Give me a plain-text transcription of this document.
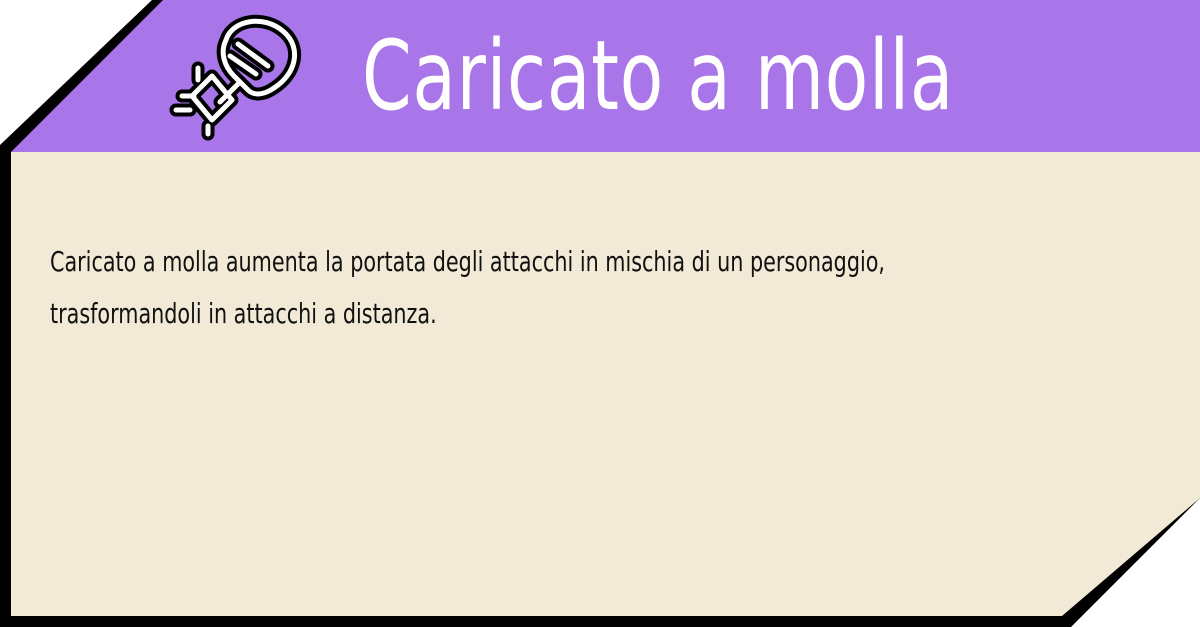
Caricato a molla
Caricato a molla aumenta la portata degli attacchi in mischia di un personaggio, trasformandoli in attacchi a distanza.
